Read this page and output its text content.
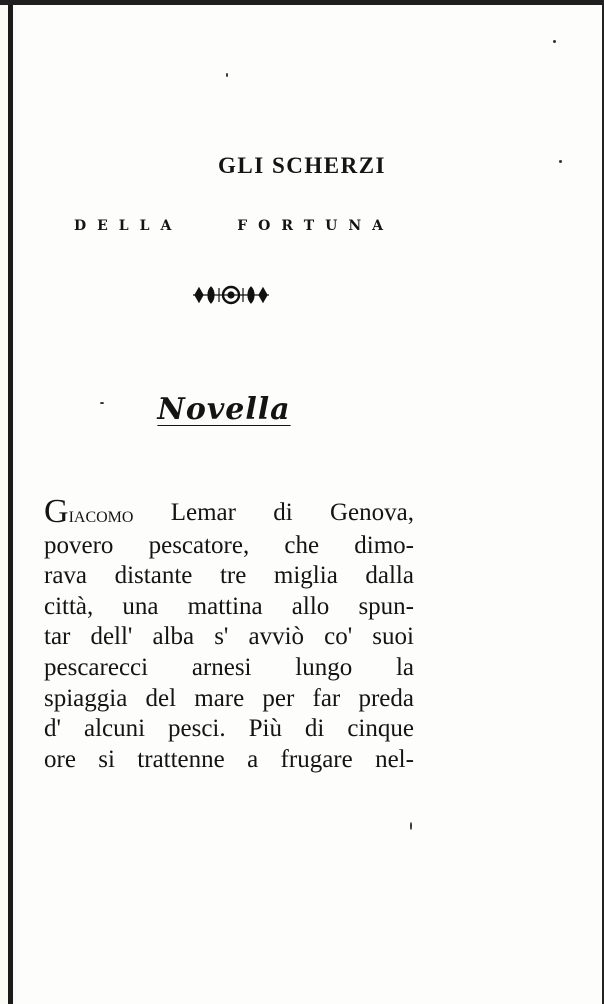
GLI SCHERZI
DELLA FORTUNA
Novella
Giacomo Lemar di Genova,
povero pescatore, che dimo-
rava distante tre miglia dalla
città, una mattina allo spun-
tar dell' alba s' avviò co' suoi
pescarecci arnesi lungo la
spiaggia del mare per far preda
d' alcuni pesci. Più di cinque
ore si trattenne a frugare nel-
